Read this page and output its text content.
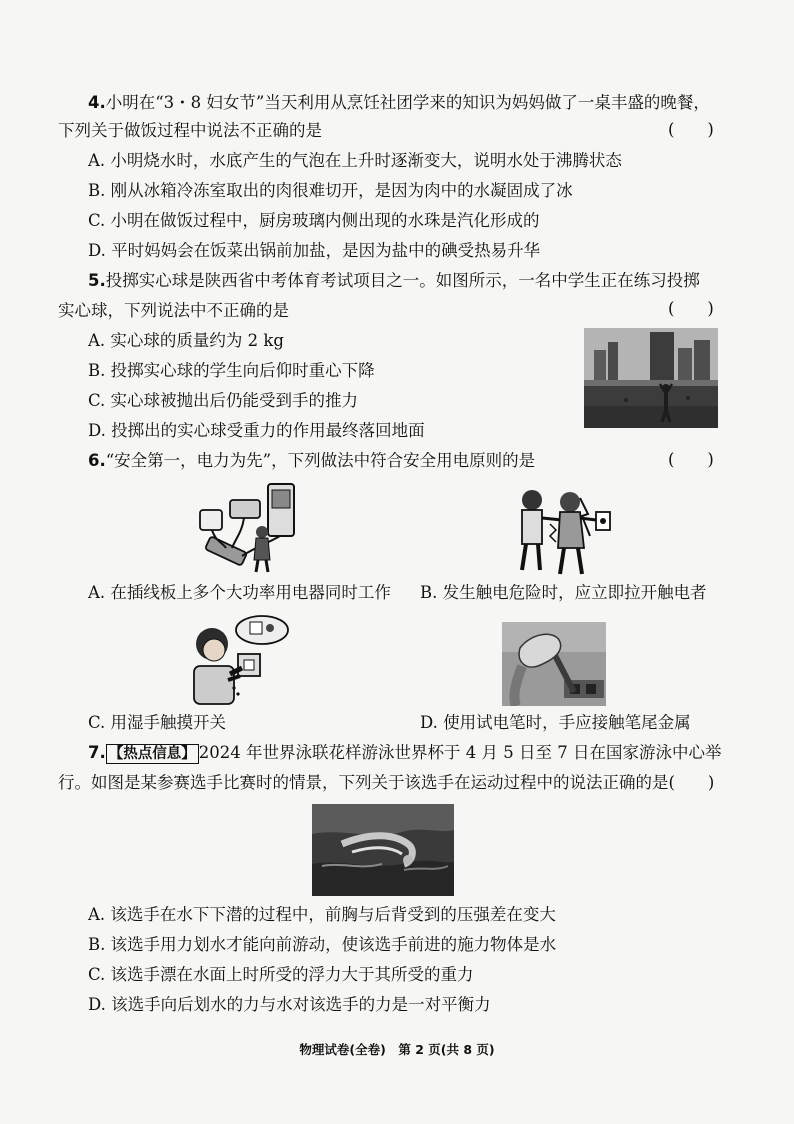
4.小明在“3・8 妇女节”当天利用从烹饪社团学来的知识为妈妈做了一桌丰盛的晚餐，
下列关于做饭过程中说法不正确的是	(　　)
A. 小明烧水时，水底产生的气泡在上升时逐渐变大，说明水处于沸腾状态
B. 刚从冰箱冷冻室取出的肉很难切开，是因为肉中的水凝固成了冰
C. 小明在做饭过程中，厨房玻璃内侧出现的水珠是汽化形成的
D. 平时妈妈会在饭菜出锅前加盐，是因为盐中的碘受热易升华
5.投掷实心球是陕西省中考体育考试项目之一。如图所示，一名中学生正在练习投掷
实心球，下列说法中不正确的是	(　　)
A. 实心球的质量约为 2 kg
B. 投掷实心球的学生向后仰时重心下降
C. 实心球被抛出后仍能受到手的推力
D. 投掷出的实心球受重力的作用最终落回地面
6.“安全第一，电力为先”，下列做法中符合安全用电原则的是	(　　)
A. 在插线板上多个大功率用电器同时工作 B. 发生触电危险时，应立即拉开触电者
C. 用湿手触摸开关	D. 使用试电笔时，手应接触笔尾金属
7. 【热点信息】 2024 年世界泳联花样游泳世界杯于 4 月 5 日至 7 日在国家游泳中心举
行。如图是某参赛选手比赛时的情景，下列关于该选手在运动过程中的说法正确的是(　　)
A. 该选手在水下下潜的过程中，前胸与后背受到的压强差在变大
B. 该选手用力划水才能向前游动，使该选手前进的施力物体是水
C. 该选手漂在水面上时所受的浮力大于其所受的重力
D. 该选手向后划水的力与水对该选手的力是一对平衡力
物理试卷(全卷)　第 2 页(共 8 页)
